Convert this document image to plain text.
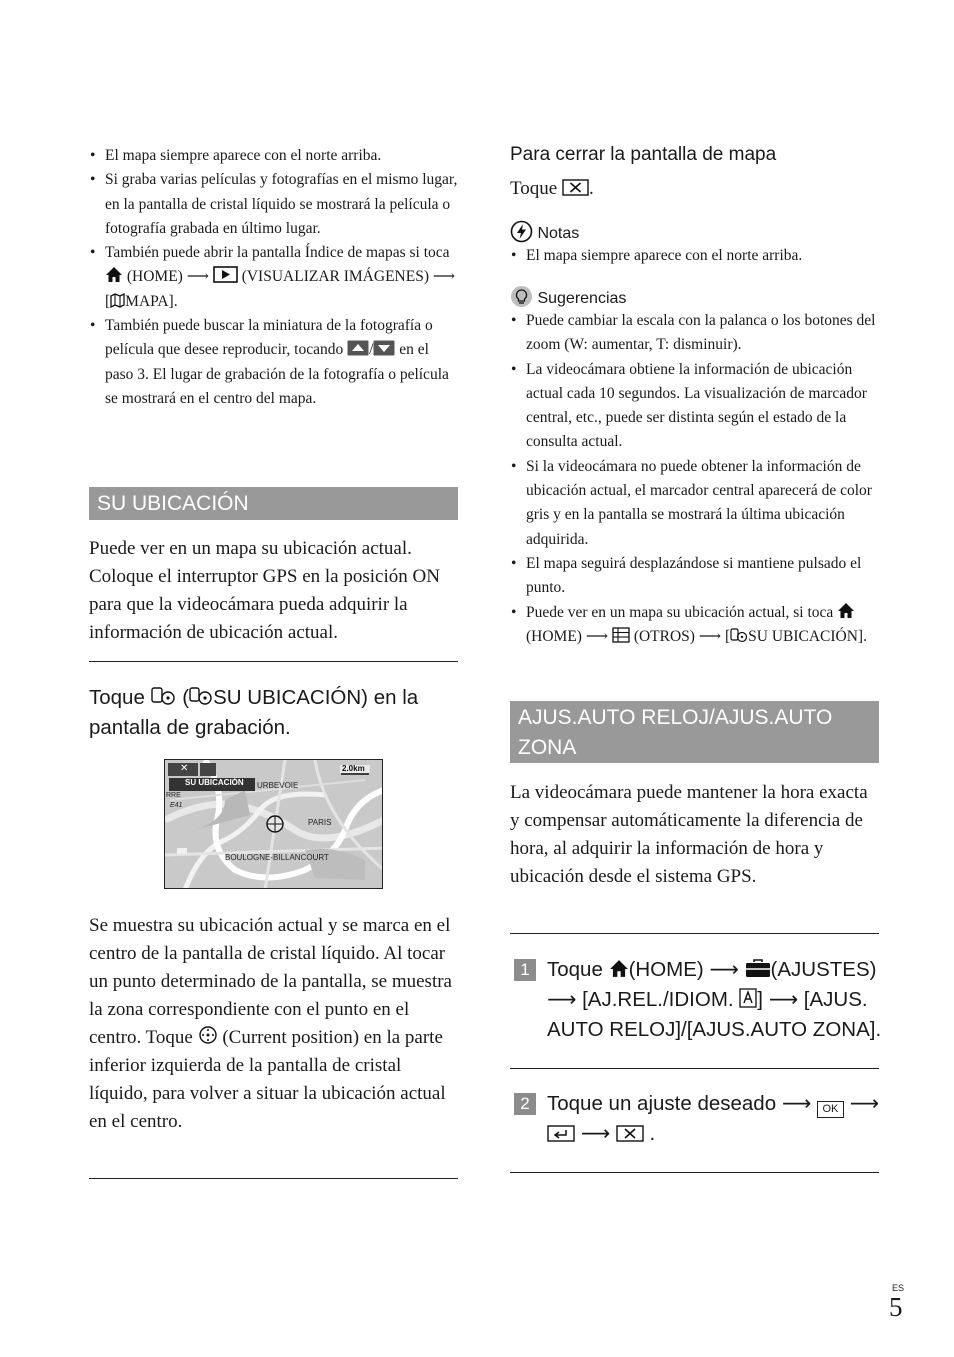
• El mapa siempre aparece con el norte arriba.
• Si graba varias películas y fotografías en el mismo lugar, en la pantalla de cristal líquido se mostrará la película o fotografía grabada en último lugar.
• También puede abrir la pantalla Índice de mapas si toca  (HOME) ⟶ (VISUALIZAR IMÁGENES) ⟶ [ MAPA].
• También puede buscar la miniatura de la fotografía o película que desee reproducir, tocando / en el paso 3. El lugar de grabación de la fotografía o película se mostrará en el centro del mapa.
SU UBICACIÓN
Puede ver en un mapa su ubicación actual. Coloque el interruptor GPS en la posición ON para que la videocámara pueda adquirir la información de ubicación actual.
Toque ( SU UBICACIÓN) en la pantalla de grabación.
✕
SU UBICACIÓN
2.0km
URBEVOIE
PARIS
BOULOGNE-BILLANCOURT
RRE
E41
Se muestra su ubicación actual y se marca en el centro de la pantalla de cristal líquido. Al tocar un punto determinado de la pantalla, se muestra la zona correspondiente con el punto en el centro. Toque (Current position) en la parte inferior izquierda de la pantalla de cristal líquido, para volver a situar la ubicación actual en el centro.
Para cerrar la pantalla de mapa
Toque .
Notas
• El mapa siempre aparece con el norte arriba.
Sugerencias
• Puede cambiar la escala con la palanca o los botones del zoom (W: aumentar, T: disminuir).
• La videocámara obtiene la información de ubicación actual cada 10 segundos. La visualización de marcador central, etc., puede ser distinta según el estado de la consulta actual.
• Si la videocámara no puede obtener la información de ubicación actual, el marcador central aparecerá de color gris y en la pantalla se mostrará la última ubicación adquirida.
• El mapa seguirá desplazándose si mantiene pulsado el punto.
• Puede ver en un mapa su ubicación actual, si toca  (HOME) ⟶ (OTROS) ⟶ [ SU UBICACIÓN].
AJUS.AUTO RELOJ/AJUS.AUTO ZONA
La videocámara puede mantener la hora exacta y compensar automáticamente la diferencia de hora, al adquirir la información de hora y ubicación desde el sistema GPS.
1 Toque (HOME) ⟶ (AJUSTES) ⟶ [AJ.REL./IDIOM. ] ⟶ [AJUS. AUTO RELOJ]/[AJUS.AUTO ZONA].
2 Toque un ajuste deseado ⟶ OK ⟶  ⟶ .
ES
5
